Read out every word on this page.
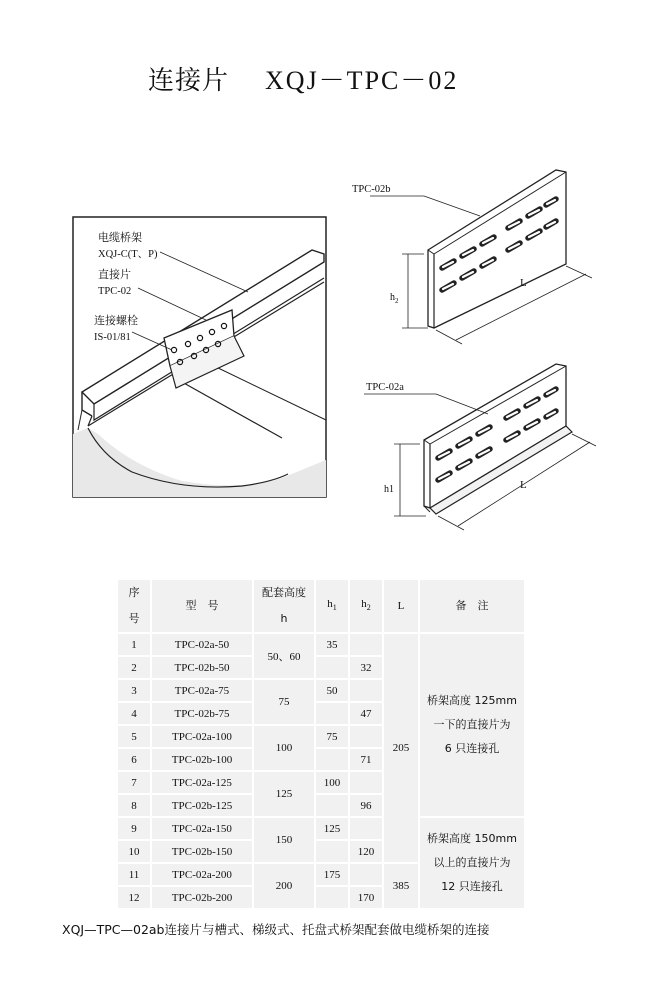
连接片 XQJ－TPC－02
电缆桥架
XQJ-C(T、P)
直接片
TPC-02
连接螺栓
IS-01/81
$h_2$
L
TPC-02b
h1	L
TPC-02a
序
号	型　号	配套高度
h	$h_1$	$h_2$	L	备　注
1	TPC-02a-50	50、60	35		205	桥架高度 125mm
一下的直接片为
6 只连接孔
2	TPC-02b-50			32		
3	TPC-02a-75	75	50			
4	TPC-02b-75			47		
5	TPC-02a-100	100	75			
6	TPC-02b-100			71		
7	TPC-02a-125	125	100			
8	TPC-02b-125			96		
9	TPC-02a-150	150	125			桥架高度 150mm
以上的直接片为
12 只连接孔
10	TPC-02b-150			120		
11	TPC-02a-200	200	175		385	
12	TPC-02b-200			170		
XQJ—TPC—02ab连接片与槽式、梯级式、托盘式桥架配套做电缆桥架的连接
